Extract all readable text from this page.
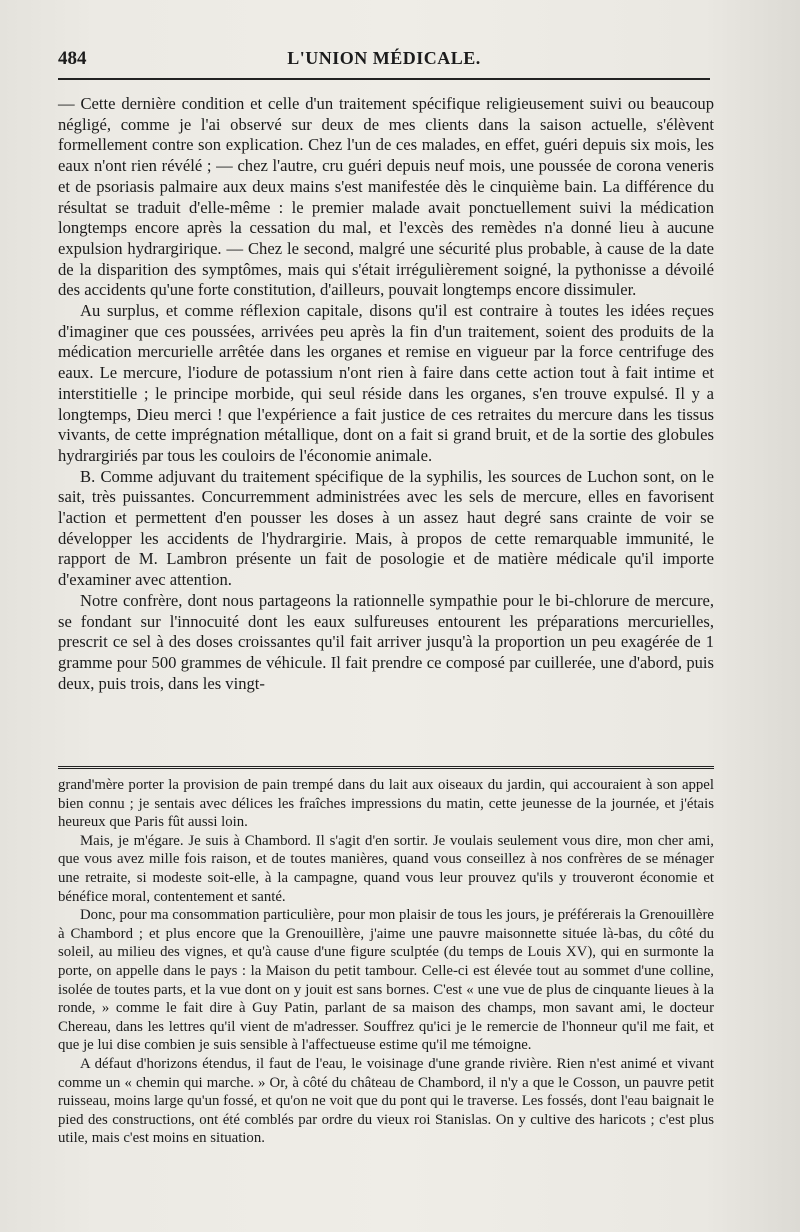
484	L'UNION MÉDICALE.

— Cette dernière condition et celle d'un traitement spécifique religieusement suivi ou beaucoup négligé, comme je l'ai observé sur deux de mes clients dans la saison actuelle, s'élèvent formellement contre son explication. Chez l'un de ces malades, en effet, guéri depuis six mois, les eaux n'ont rien révélé ; — chez l'autre, cru guéri depuis neuf mois, une poussée de corona veneris et de psoriasis palmaire aux deux mains s'est manifestée dès le cinquième bain. La différence du résultat se traduit d'elle-même : le premier malade avait ponctuellement suivi la médication longtemps encore après la cessation du mal, et l'excès des remèdes n'a donné lieu à aucune expulsion hydrargirique. — Chez le second, malgré une sécurité plus probable, à cause de la date de la disparition des symptômes, mais qui s'était irrégulièrement soigné, la pythonisse a dévoilé des accidents qu'une forte constitution, d'ailleurs, pouvait longtemps encore dissimuler.

Au surplus, et comme réflexion capitale, disons qu'il est contraire à toutes les idées reçues d'imaginer que ces poussées, arrivées peu après la fin d'un traitement, soient des produits de la médication mercurielle arrêtée dans les organes et remise en vigueur par la force centrifuge des eaux. Le mercure, l'iodure de potassium n'ont rien à faire dans cette action tout à fait intime et interstitielle ; le principe morbide, qui seul réside dans les organes, s'en trouve expulsé. Il y a longtemps, Dieu merci ! que l'expérience a fait justice de ces retraites du mercure dans les tissus vivants, de cette imprégnation métallique, dont on a fait si grand bruit, et de la sortie des globules hydrargiriés par tous les couloirs de l'économie animale.

B. Comme adjuvant du traitement spécifique de la syphilis, les sources de Luchon sont, on le sait, très puissantes. Concurremment administrées avec les sels de mercure, elles en favorisent l'action et permettent d'en pousser les doses à un assez haut degré sans crainte de voir se développer les accidents de l'hydrargirie. Mais, à propos de cette remarquable immunité, le rapport de M. Lambron présente un fait de posologie et de matière médicale qu'il importe d'examiner avec attention.

Notre confrère, dont nous partageons la rationnelle sympathie pour le bi-chlorure de mercure, se fondant sur l'innocuité dont les eaux sulfureuses entourent les préparations mercurielles, prescrit ce sel à des doses croissantes qu'il fait arriver jusqu'à la proportion un peu exagérée de 1 gramme pour 500 grammes de véhicule. Il fait prendre ce composé par cuillerée, une d'abord, puis deux, puis trois, dans les vingt-

grand'mère porter la provision de pain trempé dans du lait aux oiseaux du jardin, qui accouraient à son appel bien connu ; je sentais avec délices les fraîches impressions du matin, cette jeunesse de la journée, et j'étais heureux que Paris fût aussi loin.

Mais, je m'égare. Je suis à Chambord. Il s'agit d'en sortir. Je voulais seulement vous dire, mon cher ami, que vous avez mille fois raison, et de toutes manières, quand vous conseillez à nos confrères de se ménager une retraite, si modeste soit-elle, à la campagne, quand vous leur prouvez qu'ils y trouveront économie et bénéfice moral, contentement et santé.

Donc, pour ma consommation particulière, pour mon plaisir de tous les jours, je préférerais la Grenouillère à Chambord ; et plus encore que la Grenouillère, j'aime une pauvre maisonnette située là-bas, du côté du soleil, au milieu des vignes, et qu'à cause d'une figure sculptée (du temps de Louis XV), qui en surmonte la porte, on appelle dans le pays : la Maison du petit tambour. Celle-ci est élevée tout au sommet d'une colline, isolée de toutes parts, et la vue dont on y jouit est sans bornes. C'est « une vue de plus de cinquante lieues à la ronde, » comme le fait dire à Guy Patin, parlant de sa maison des champs, mon savant ami, le docteur Chereau, dans les lettres qu'il vient de m'adresser. Souffrez qu'ici je le remercie de l'honneur qu'il me fait, et que je lui dise combien je suis sensible à l'affectueuse estime qu'il me témoigne.

A défaut d'horizons étendus, il faut de l'eau, le voisinage d'une grande rivière. Rien n'est animé et vivant comme un « chemin qui marche. » Or, à côté du château de Chambord, il n'y a que le Cosson, un pauvre petit ruisseau, moins large qu'un fossé, et qu'on ne voit que du pont qui le traverse. Les fossés, dont l'eau baignait le pied des constructions, ont été comblés par ordre du vieux roi Stanislas. On y cultive des haricots ; c'est plus utile, mais c'est moins en situation.
